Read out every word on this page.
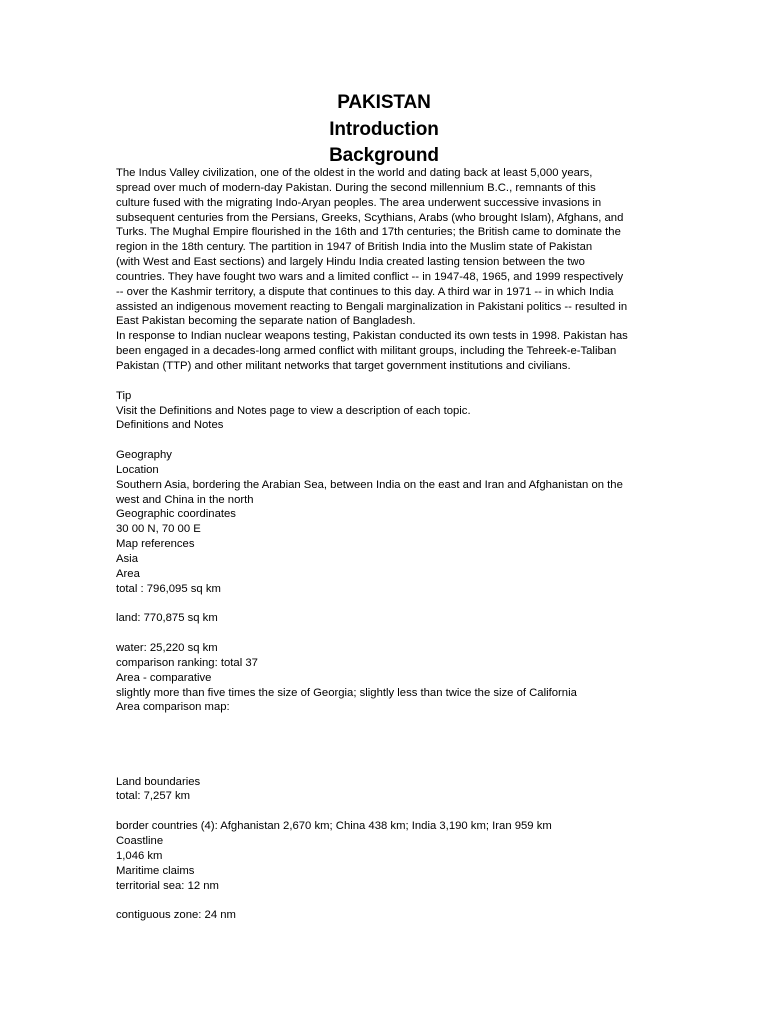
PAKISTAN
Introduction
Background
The Indus Valley civilization, one of the oldest in the world and dating back at least 5,000 years,
spread over much of modern-day Pakistan. During the second millennium B.C., remnants of this
culture fused with the migrating Indo-Aryan peoples. The area underwent successive invasions in
subsequent centuries from the Persians, Greeks, Scythians, Arabs (who brought Islam), Afghans, and
Turks. The Mughal Empire flourished in the 16th and 17th centuries; the British came to dominate the
region in the 18th century. The partition in 1947 of British India into the Muslim state of Pakistan
(with West and East sections) and largely Hindu India created lasting tension between the two
countries. They have fought two wars and a limited conflict -- in 1947-48, 1965, and 1999 respectively
-- over the Kashmir territory, a dispute that continues to this day. A third war in 1971 -- in which India
assisted an indigenous movement reacting to Bengali marginalization in Pakistani politics -- resulted in
East Pakistan becoming the separate nation of Bangladesh.
In response to Indian nuclear weapons testing, Pakistan conducted its own tests in 1998. Pakistan has
been engaged in a decades-long armed conflict with militant groups, including the Tehreek-e-Taliban
Pakistan (TTP) and other militant networks that target government institutions and civilians.
Tip
Visit the Definitions and Notes page to view a description of each topic.
Definitions and Notes
Geography
Location
Southern Asia, bordering the Arabian Sea, between India on the east and Iran and Afghanistan on the
west and China in the north
Geographic coordinates
30 00 N, 70 00 E
Map references
Asia
Area
total : 796,095 sq km
land: 770,875 sq km
water: 25,220 sq km
comparison ranking: total 37
Area - comparative
slightly more than five times the size of Georgia; slightly less than twice the size of California
Area comparison map:
Land boundaries
total: 7,257 km
border countries (4): Afghanistan 2,670 km; China 438 km; India 3,190 km; Iran 959 km
Coastline
1,046 km
Maritime claims
territorial sea: 12 nm
contiguous zone: 24 nm
